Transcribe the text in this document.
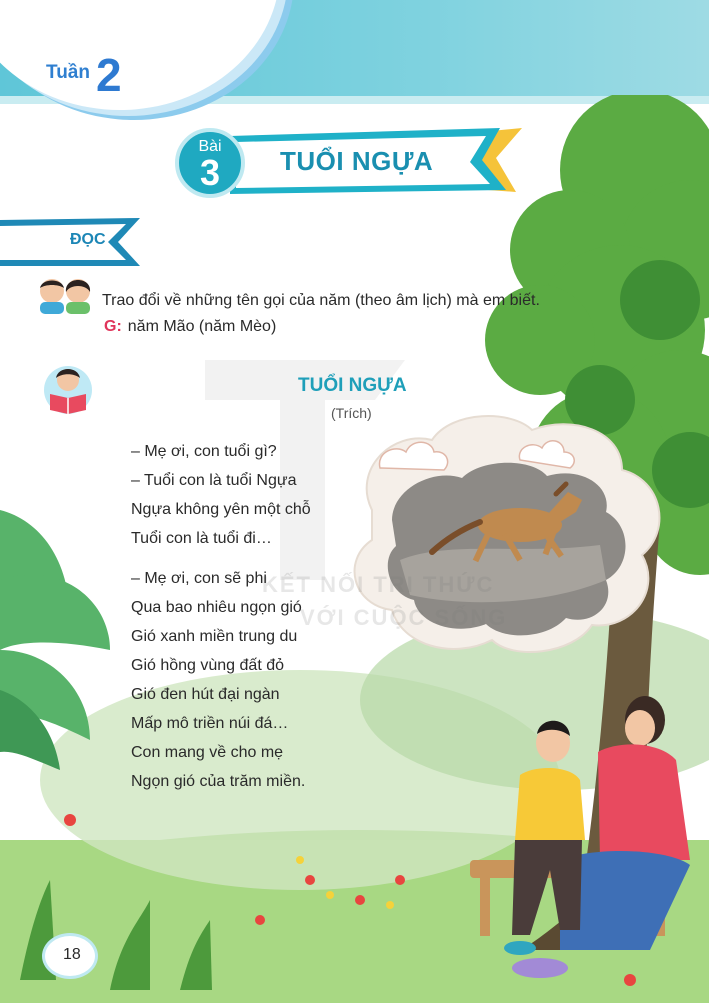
Tuần 2
KẾT NỐI TRI THỨC
VỚI CUỘC SỐNG
Bài
3	TUỔI NGỰA
ĐỌC
Trao đổi về những tên gọi của năm (theo âm lịch) mà em biết.
G: năm Mão (năm Mèo)
TUỔI NGỰA
(Trích)
– Mẹ ơi, con tuổi gì?
– Tuổi con là tuổi Ngựa
Ngựa không yên một chỗ
Tuổi con là tuổi đi…
– Mẹ ơi, con sẽ phi
Qua bao nhiêu ngọn gió
Gió xanh miền trung du
Gió hồng vùng đất đỏ
Gió đen hút đại ngàn
Mấp mô triền núi đá…
Con mang về cho mẹ
Ngọn gió của trăm miền.
18
